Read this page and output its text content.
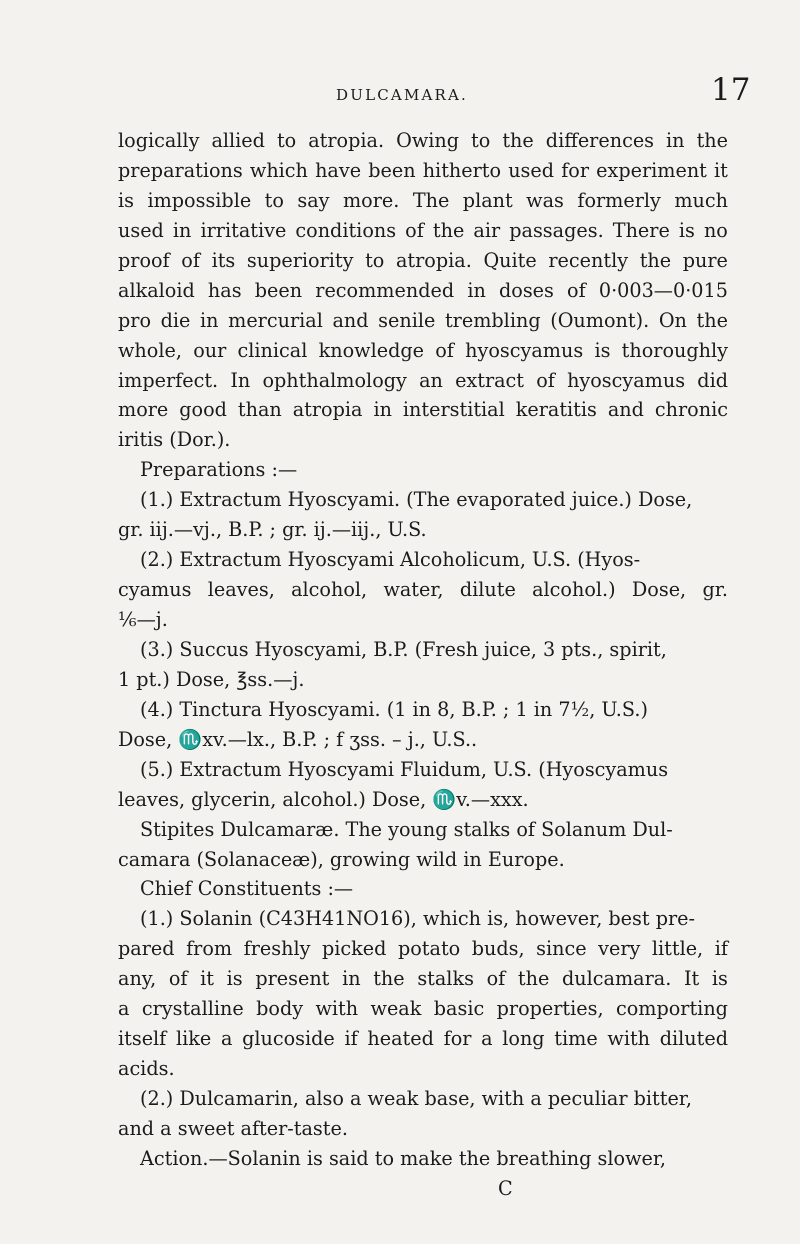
DULCAMARA.	17
logically allied to atropia. Owing to the differences in the
preparations which have been hitherto used for experiment it
is impossible to say more. The plant was formerly much
used in irritative conditions of the air passages. There is no
proof of its superiority to atropia. Quite recently the pure
alkaloid has been recommended in doses of 0·003—0·015
pro die in mercurial and senile trembling (Oumont). On the
whole, our clinical knowledge of hyoscyamus is thoroughly
imperfect. In ophthalmology an extract of hyoscyamus did
more good than atropia in interstitial keratitis and chronic
iritis (Dor.).
Preparations :—
(1.) Extractum Hyoscyami. (The evaporated juice.) Dose,
gr. iij.—vj., B.P. ; gr. ij.—iij., U.S.
(2.) Extractum Hyoscyami Alcoholicum, U.S. (Hyos-
cyamus leaves, alcohol, water, dilute alcohol.) Dose, gr.
⅙—j.
(3.) Succus Hyoscyami, B.P. (Fresh juice, 3 pts., spirit,
1 pt.) Dose, ℥ss.—j.
(4.) Tinctura Hyoscyami. (1 in 8, B.P. ; 1 in 7½, U.S.)
Dose, ♏xv.—lx., B.P. ; f ʒss. – j., U.S..
(5.) Extractum Hyoscyami Fluidum, U.S. (Hyoscyamus
leaves, glycerin, alcohol.) Dose, ♏v.—xxx.
Stipites Dulcamaræ. The young stalks of Solanum Dul-
camara (Solanaceæ), growing wild in Europe.
Chief Constituents :—
(1.) Solanin (C43H41NO16), which is, however, best pre-
pared from freshly picked potato buds, since very little, if
any, of it is present in the stalks of the dulcamara. It is
a crystalline body with weak basic properties, comporting
itself like a glucoside if heated for a long time with diluted
acids.
(2.) Dulcamarin, also a weak base, with a peculiar bitter,
and a sweet after-taste.
Action.—Solanin is said to make the breathing slower,
C
